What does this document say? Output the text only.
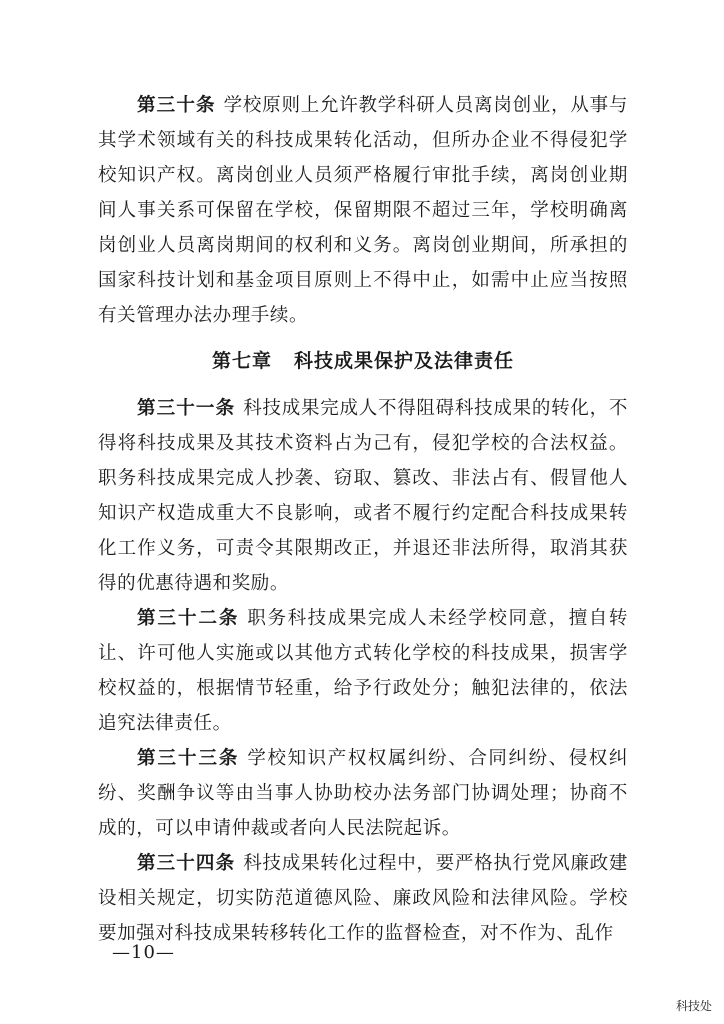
第三十条 学校原则上允许教学科研人员离岗创业，从事与其学术领域有关的科技成果转化活动，但所办企业不得侵犯学校知识产权。离岗创业人员须严格履行审批手续，离岗创业期间人事关系可保留在学校，保留期限不超过三年，学校明确离岗创业人员离岗期间的权利和义务。离岗创业期间，所承担的国家科技计划和基金项目原则上不得中止，如需中止应当按照有关管理办法办理手续。

第七章 科技成果保护及法律责任

第三十一条 科技成果完成人不得阻碍科技成果的转化，不得将科技成果及其技术资料占为己有，侵犯学校的合法权益。职务科技成果完成人抄袭、窃取、篡改、非法占有、假冒他人知识产权造成重大不良影响，或者不履行约定配合科技成果转化工作义务，可责令其限期改正，并退还非法所得，取消其获得的优惠待遇和奖励。

第三十二条 职务科技成果完成人未经学校同意，擅自转让、许可他人实施或以其他方式转化学校的科技成果，损害学校权益的，根据情节轻重，给予行政处分；触犯法律的，依法追究法律责任。

第三十三条 学校知识产权权属纠纷、合同纠纷、侵权纠纷、奖酬争议等由当事人协助校办法务部门协调处理；协商不成的，可以申请仲裁或者向人民法院起诉。

第三十四条 科技成果转化过程中，要严格执行党风廉政建设相关规定，切实防范道德风险、廉政风险和法律风险。学校要加强对科技成果转移转化工作的监督检查，对不作为、乱作

—10—
科技处
